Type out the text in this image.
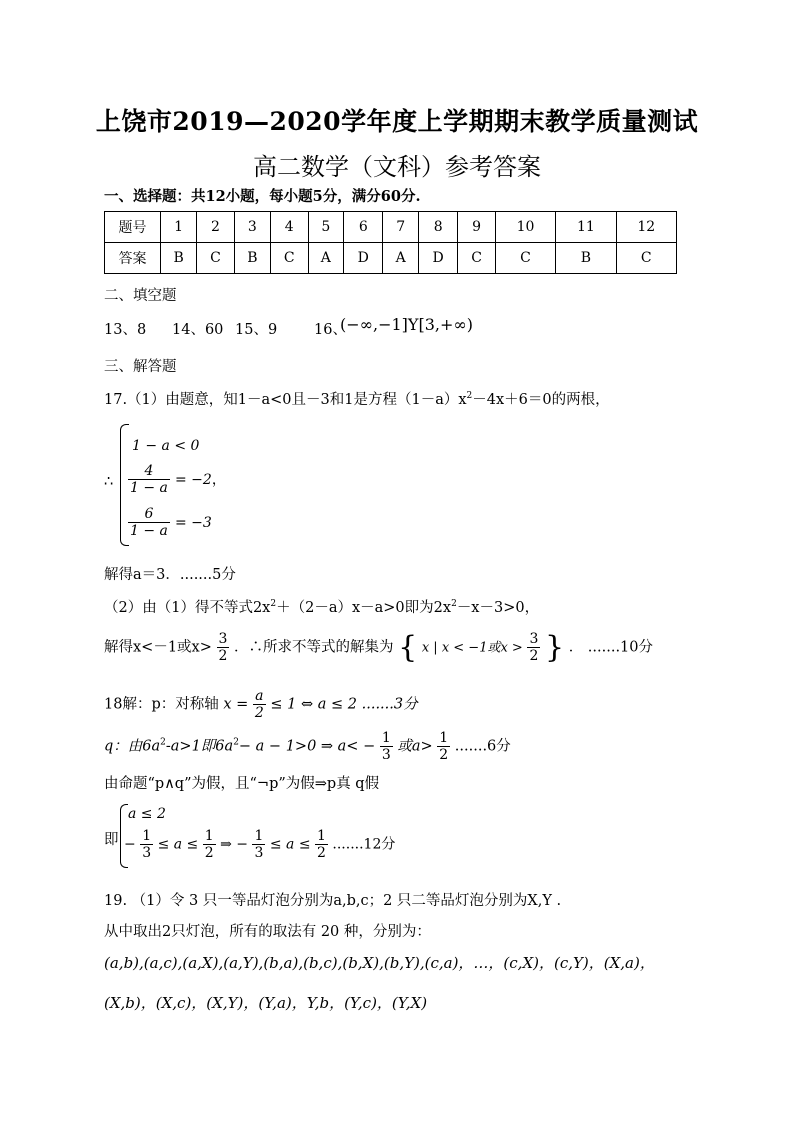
上饶市2019—2020学年度上学期期末教学质量测试
高二数学（文科）参考答案
一、选择题：共12小题，每小题5分，满分60分.
题号	1	2	3	4	5	6	7	8	9	10	11	12
答案	B	C	B	C	A	D	A	D	C	C	B	C
二、填空题
13、8 14、60 15、9	16、
(−∞,−1]Y[3,+∞)
三、解答题
17.（1）由题意，知1－a<0且－3和1是方程$(1-a)x^2-4x+6=0$的两根，
∴
1 − a < 0
$\frac{4}{1 - a} = -2$，
$\frac{6}{1 - a} = -3$
解得a＝3．.......5分
（2）由（1）得不等式$2x^2+(2-a)x-a>0$即为$2x^2-x-3>0$，
解得x<－1或$x> \frac{3}{2}$ ．∴所求不等式的解集为 { x | x < −1或$x > \frac{3}{2}$ } ． .......10分
18解：p：对称轴 $x = \frac{a}{2} \le 1$ ⇔ a ≤ 2 .......3分
q：由$6a^2-a>1$即$6a^2- a - 1>0$ ⇒ $a< - \frac{1}{3}$ 或$a> \frac{1}{2} .......6$分
由命题“p∧q”为假，且“¬p”为假⇒p真 q假
即
a ≤ 2
− $\frac{1}{3} \le a \le \frac{1}{2}$ ⇒ − $\frac{1}{3} \le a \le \frac{1}{2} .......12$分
19. （1）令 3 只一等品灯泡分别为a,b,c；2 只二等品灯泡分别为X,Y .
从中取出2只灯泡，所有的取法有 20 种，分别为：
(a,b),(a,c),(a,X),(a,Y),(b,a),(b,c),(b,X),(b,Y),(c,a)，…，(c,X)，(c,Y)，(X,a)，
(X,b)，(X,c)，(X,Y)，(Y,a)，Y,b，(Y,c)，(Y,X)
